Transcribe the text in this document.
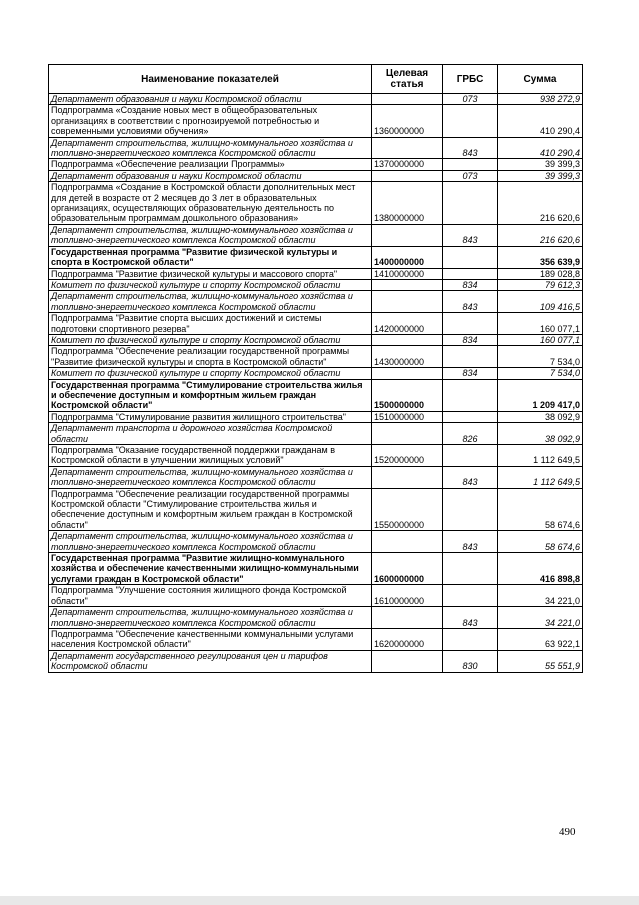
Наименование показателей	Целевая статья	ГРБС	Сумма
Департамент образования и науки Костромской области		073	938 272,9
Подпрограмма «Создание новых мест в общеобразовательных организациях в соответствии с прогнозируемой потребностью и современными условиями обучения»	1360000000		410 290,4
Департамент строительства, жилищно-коммунального хозяйства и топливно-энергетического комплекса Костромской области		843	410 290,4
Подпрограмма «Обеспечение реализации Программы»	1370000000		39 399,3
Департамент образования и науки Костромской области		073	39 399,3
Подпрограмма «Создание в Костромской области дополнительных мест для детей в возрасте от 2 месяцев до 3 лет в образовательных организациях, осуществляющих образовательную деятельность по образовательным программам дошкольного образования»	1380000000		216 620,6
Департамент строительства, жилищно-коммунального хозяйства и топливно-энергетического комплекса Костромской области		843	216 620,6
Государственная программа "Развитие физической культуры и спорта в Костромской области"	1400000000		356 639,9
Подпрограмма "Развитие физической культуры и массового спорта"	1410000000		189 028,8
Комитет по физической культуре и спорту Костромской области		834	79 612,3
Департамент строительства, жилищно-коммунального хозяйства и топливно-энергетического комплекса Костромской области		843	109 416,5
Подпрограмма "Развитие спорта высших достижений и системы подготовки спортивного резерва"	1420000000		160 077,1
Комитет по физической культуре и спорту Костромской области		834	160 077,1
Подпрограмма "Обеспечение реализации государственной программы "Развитие физической культуры и спорта в Костромской области"	1430000000		7 534,0
Комитет по физической культуре и спорту Костромской области		834	7 534,0
Государственная программа "Стимулирование строительства жилья и обеспечение доступным и комфортным жильем граждан Костромской области"	1500000000		1 209 417,0
Подпрограмма "Стимулирование развития жилищного строительства"	1510000000		38 092,9
Департамент транспорта и дорожного хозяйства Костромской области		826	38 092,9
Подпрограмма "Оказание государственной поддержки гражданам в Костромской области в улучшении жилищных условий"	1520000000		1 112 649,5
Департамент строительства, жилищно-коммунального хозяйства и топливно-энергетического комплекса Костромской области		843	1 112 649,5
Подпрограмма "Обеспечение реализации государственной программы Костромской области "Стимулирование строительства жилья и обеспечение доступным и комфортным жильем граждан в Костромской области"	1550000000		58 674,6
Департамент строительства, жилищно-коммунального хозяйства и топливно-энергетического комплекса Костромской области		843	58 674,6
Государственная программа "Развитие жилищно-коммунального хозяйства и обеспечение качественными жилищно-коммунальными услугами граждан в Костромской области"	1600000000		416 898,8
Подпрограмма "Улучшение состояния жилищного фонда Костромской области"	1610000000		34 221,0
Департамент строительства, жилищно-коммунального хозяйства и топливно-энергетического комплекса Костромской области		843	34 221,0
Подпрограмма "Обеспечение качественными коммунальными услугами населения Костромской области"	1620000000		63 922,1
Департамент государственного регулирования цен и тарифов Костромской области		830	55 551,9
490
